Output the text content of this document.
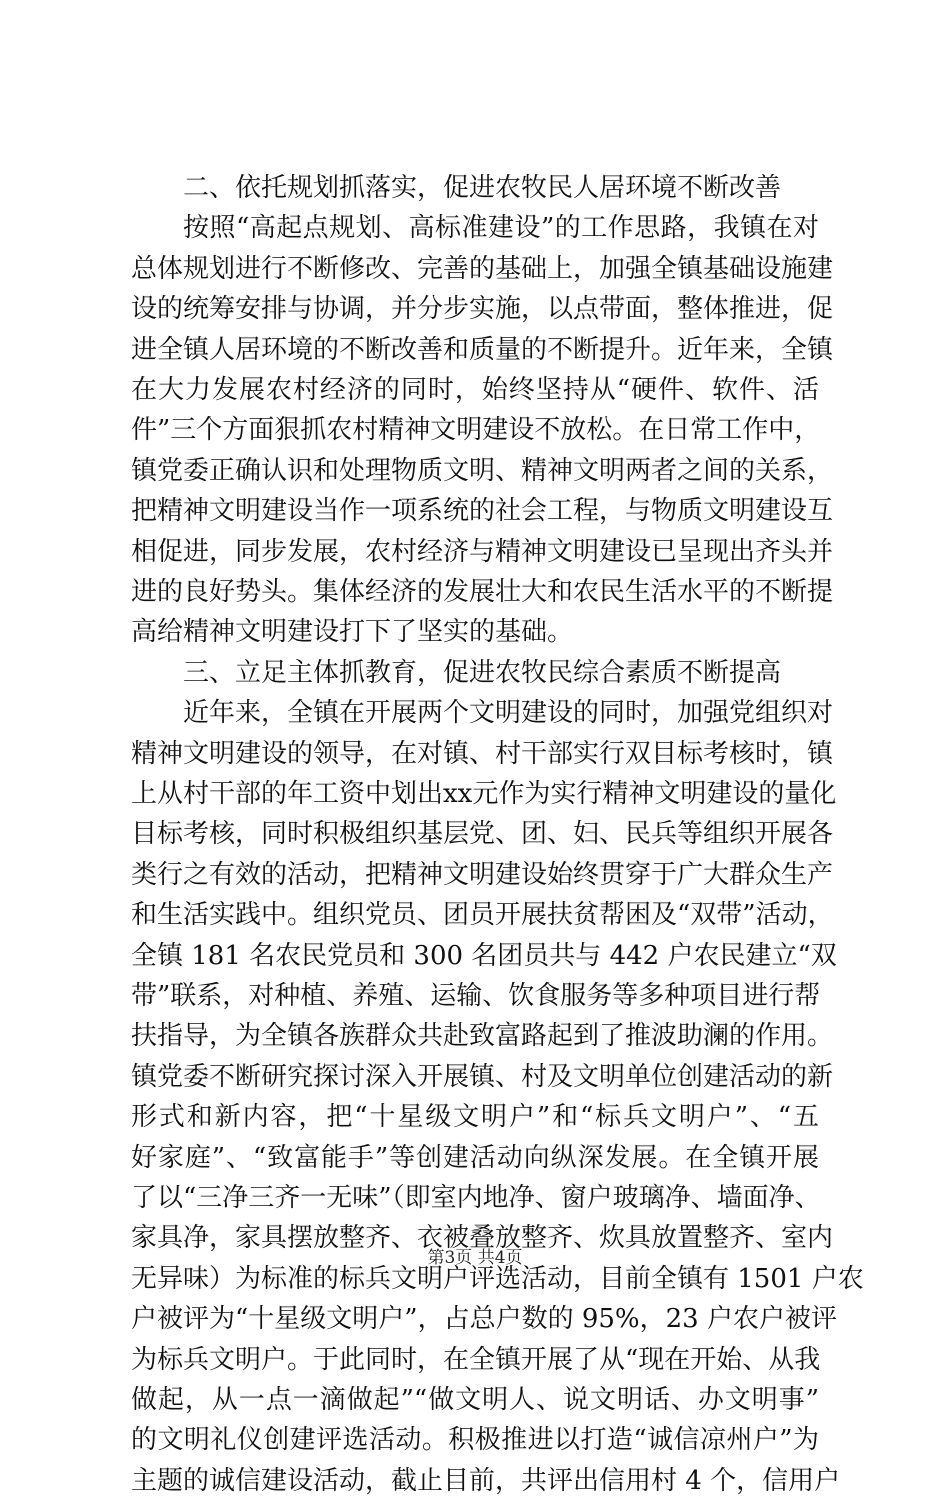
二、依托规划抓落实，促进农牧民人居环境不断改善
按照“高起点规划、高标准建设”的工作思路，我镇在对
总体规划进行不断修改、完善的基础上，加强全镇基础设施建
设的统筹安排与协调，并分步实施，以点带面，整体推进，促
进全镇人居环境的不断改善和质量的不断提升。近年来，全镇
在大力发展农村经济的同时，始终坚持从“硬件、软件、活
件”三个方面狠抓农村精神文明建设不放松。在日常工作中，
镇党委正确认识和处理物质文明、精神文明两者之间的关系，
把精神文明建设当作一项系统的社会工程，与物质文明建设互
相促进，同步发展，农村经济与精神文明建设已呈现出齐头并
进的良好势头。集体经济的发展壮大和农民生活水平的不断提
高给精神文明建设打下了坚实的基础。
三、立足主体抓教育，促进农牧民综合素质不断提高
近年来，全镇在开展两个文明建设的同时，加强党组织对
精神文明建设的领导，在对镇、村干部实行双目标考核时，镇
上从村干部的年工资中划出xx元作为实行精神文明建设的量化
目标考核，同时积极组织基层党、团、妇、民兵等组织开展各
类行之有效的活动，把精神文明建设始终贯穿于广大群众生产
和生活实践中。组织党员、团员开展扶贫帮困及“双带”活动，
全镇 181 名农民党员和 300 名团员共与 442 户农民建立“双
带”联系，对种植、养殖、运输、饮食服务等多种项目进行帮
扶指导，为全镇各族群众共赴致富路起到了推波助澜的作用。
镇党委不断研究探讨深入开展镇、村及文明单位创建活动的新
形式和新内容，把“十星级文明户”和“标兵文明户”、“五
好家庭”、“致富能手”等创建活动向纵深发展。在全镇开展
了以“三净三齐一无味”（即室内地净、窗户玻璃净、墙面净、
家具净，家具摆放整齐、衣被叠放整齐、炊具放置整齐、室内
无异味）为标准的标兵文明户评选活动，目前全镇有 1501 户农
户被评为“十星级文明户”，占总户数的 95%，23 户农户被评
为标兵文明户。于此同时，在全镇开展了从“现在开始、从我
做起，从一点一滴做起”“做文明人、说文明话、办文明事”
的文明礼仪创建评选活动。积极推进以打造“诚信凉州户”为
主题的诚信建设活动，截止目前，共评出信用村 4 个，信用户
第3页 共4页
